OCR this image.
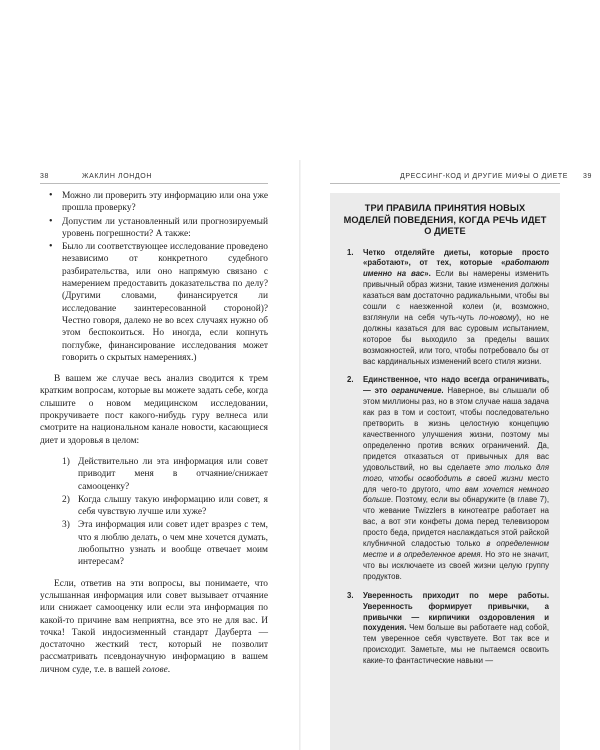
38	ЖАКЛИН ЛОНДОН
• Можно ли проверить эту информацию или она уже прошла проверку?
• Допустим ли установленный или прогнозируемый уровень погрешности? А также:
• Было ли соответствующее исследование проведено независимо от конкретного судебного разбирательства, или оно напрямую связано с намерением предоставить доказательства по делу? (Другими словами, финансируется ли исследование заинтересованной стороной)? Честно говоря, далеко не во всех случаях нужно об этом беспокоиться. Но иногда, если копнуть поглубже, финансирование исследования может говорить о скрытых намерениях.)

В вашем же случае весь анализ сводится к трем кратким вопросам, которые вы можете задать себе, когда слышите о новом медицинском исследовании, прокручиваете пост какого-нибудь гуру велнеса или смотрите на национальном канале новости, касающиеся диет и здоровья в целом:

1) Действительно ли эта информация или совет приводит меня в отчаяние/снижает самооценку?
2) Когда слышу такую информацию или совет, я себя чувствую лучше или хуже?
3) Эта информация или совет идет вразрез с тем, что я люблю делать, о чем мне хочется думать, любопытно узнать и вообще отвечает моим интересам?

Если, ответив на эти вопросы, вы понимаете, что услышанная информация или совет вызывает отчаяние или снижает самооценку или если эта информация по какой-то причине вам неприятна, все это не для вас. И точка! Такой индосизменный стандарт Дауберта — достаточно жесткий тест, который не позволит рассматривать псевдонаучную информацию в вашем личном суде, т.е. в вашей голове.

ДРЕССИНГ-КОД И ДРУГИЕ МИФЫ О ДИЕТЕ 39
ТРИ ПРАВИЛА ПРИНЯТИЯ НОВЫХ МОДЕЛЕЙ ПОВЕДЕНИЯ, КОГДА РЕЧЬ ИДЕТ О ДИЕТЕ
1. Четко отделяйте диеты, которые просто «работают», от тех, которые «работают именно на вас». Если вы намерены изменить привычный образ жизни, такие изменения должны казаться вам достаточно радикальными, чтобы вы сошли с наезженной колеи (и, возможно, взглянули на себя чуть-чуть по-новому), но не должны казаться для вас суровым испытанием, которое бы выходило за пределы ваших возможностей, или того, чтобы потребовало бы от вас кардинальных изменений всего стиля жизни.
2. Единственное, что надо всегда ограничивать, — это ограничение. Наверное, вы слышали об этом миллионы раз, но в этом случае наша задача как раз в том и состоит, чтобы последовательно претворить в жизнь целостную концепцию качественного улучшения жизни, поэтому мы определенно против всяких ограничений. Да, придется отказаться от привычных для вас удовольствий, но вы сделаете это только для того, чтобы освободить в своей жизни место для чего-то другого, что вам хочется немного больше. Поэтому, если вы обнаружите (в главе 7), что жевание Twizzlers в кинотеатре работает на вас, а вот эти конфеты дома перед телевизором просто беда, придется наслаждаться этой райской клубничной сладостью только в определенном месте и в определенное время. Но это не значит, что вы исключаете из своей жизни целую группу продуктов.
3. Уверенность приходит по мере работы. Уверенность формирует привычки, а привычки — кирпичики оздоровления и похудения. Чем больше вы работаете над собой, тем уверенное себя чувствуете. Вот так все и происходит. Заметьте, мы не пытаемся освоить какие-то фантастические навыки —
